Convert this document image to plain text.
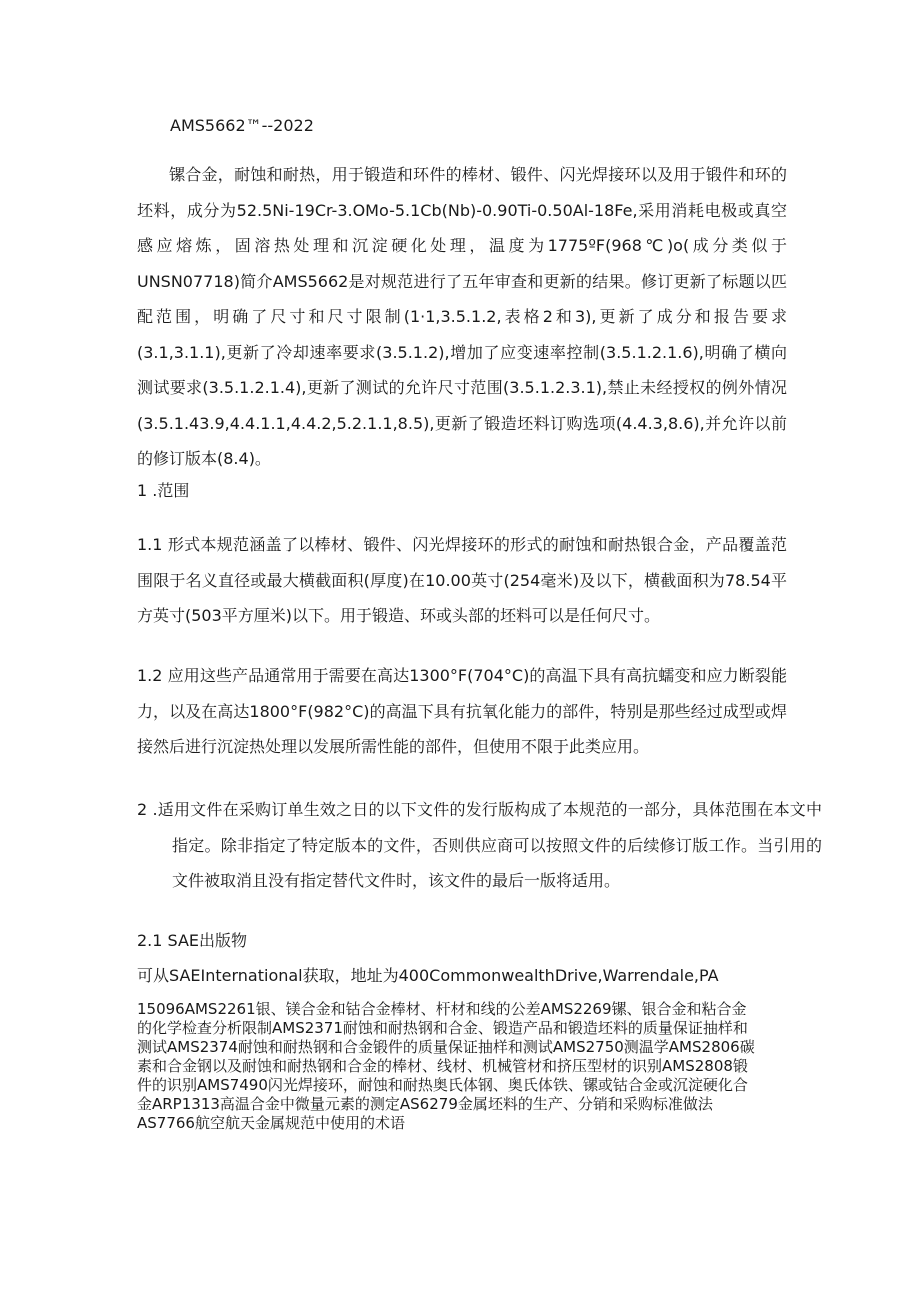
AMS5662™--2022
镙合金，耐蚀和耐热，用于锻造和环件的棒材、锻件、闪光焊接环以及用于锻件和环的坯料，成分为52.5Ni-19Cr-3.OMo-5.1Cb(Nb)-0.90Ti-0.50Al-18Fe,采用消耗电极或真空感应熔炼，固溶热处理和沉淀硬化处理，温度为1775ºF(968℃)o(成分类似于UNSN07718)简介AMS5662是对规范进行了五年审查和更新的结果。修订更新了标题以匹配范围，明确了尺寸和尺寸限制(1·1,3.5.1.2,表格2和3),更新了成分和报告要求(3.1,3.1.1),更新了冷却速率要求(3.5.1.2),增加了应变速率控制(3.5.1.2.1.6),明确了横向测试要求(3.5.1.2.1.4),更新了测试的允许尺寸范围(3.5.1.2.3.1),禁止未经授权的例外情况(3.5.1.43.9,4.4.1.1,4.4.2,5.2.1.1,8.5),更新了锻造坯料订购选项(4.4.3,8.6),并允许以前的修订版本(8.4)。
1 .范围
1.1 形式本规范涵盖了以棒材、锻件、闪光焊接环的形式的耐蚀和耐热银合金，产品覆盖范围限于名义直径或最大横截面积(厚度)在10.00英寸(254毫米)及以下，横截面积为78.54平方英寸(503平方厘米)以下。用于锻造、环或头部的坯料可以是任何尺寸。
1.2 应用这些产品通常用于需要在高达1300°F(704°C)的高温下具有高抗蠕变和应力断裂能力，以及在高达1800°F(982°C)的高温下具有抗氧化能力的部件，特别是那些经过成型或焊接然后进行沉淀热处理以发展所需性能的部件，但使用不限于此类应用。
2 .适用文件在采购订单生效之日的以下文件的发行版构成了本规范的一部分，具体范围在本文中指定。除非指定了特定版本的文件，否则供应商可以按照文件的后续修订版工作。当引用的文件被取消且没有指定替代文件时，该文件的最后一版将适用。
2.1 SAE出版物
可从SAEInternational获取，地址为400CommonwealthDrive,Warrendale,PA
15096AMS2261银、镁合金和钴合金棒材、杆材和线的公差AMS2269镙、银合金和粘合金
的化学检查分析限制AMS2371耐蚀和耐热钢和合金、锻造产品和锻造坯料的质量保证抽样和
测试AMS2374耐蚀和耐热钢和合金锻件的质量保证抽样和测试AMS2750测温学AMS2806碳
素和合金钢以及耐蚀和耐热钢和合金的棒材、线材、机械管材和挤压型材的识别AMS2808锻
件的识别AMS7490闪光焊接环，耐蚀和耐热奥氏体钢、奥氏体铁、镙或钴合金或沉淀硬化合
金ARP1313高温合金中微量元素的测定AS6279金属坯料的生产、分销和采购标准做法
AS7766航空航天金属规范中使用的术语
